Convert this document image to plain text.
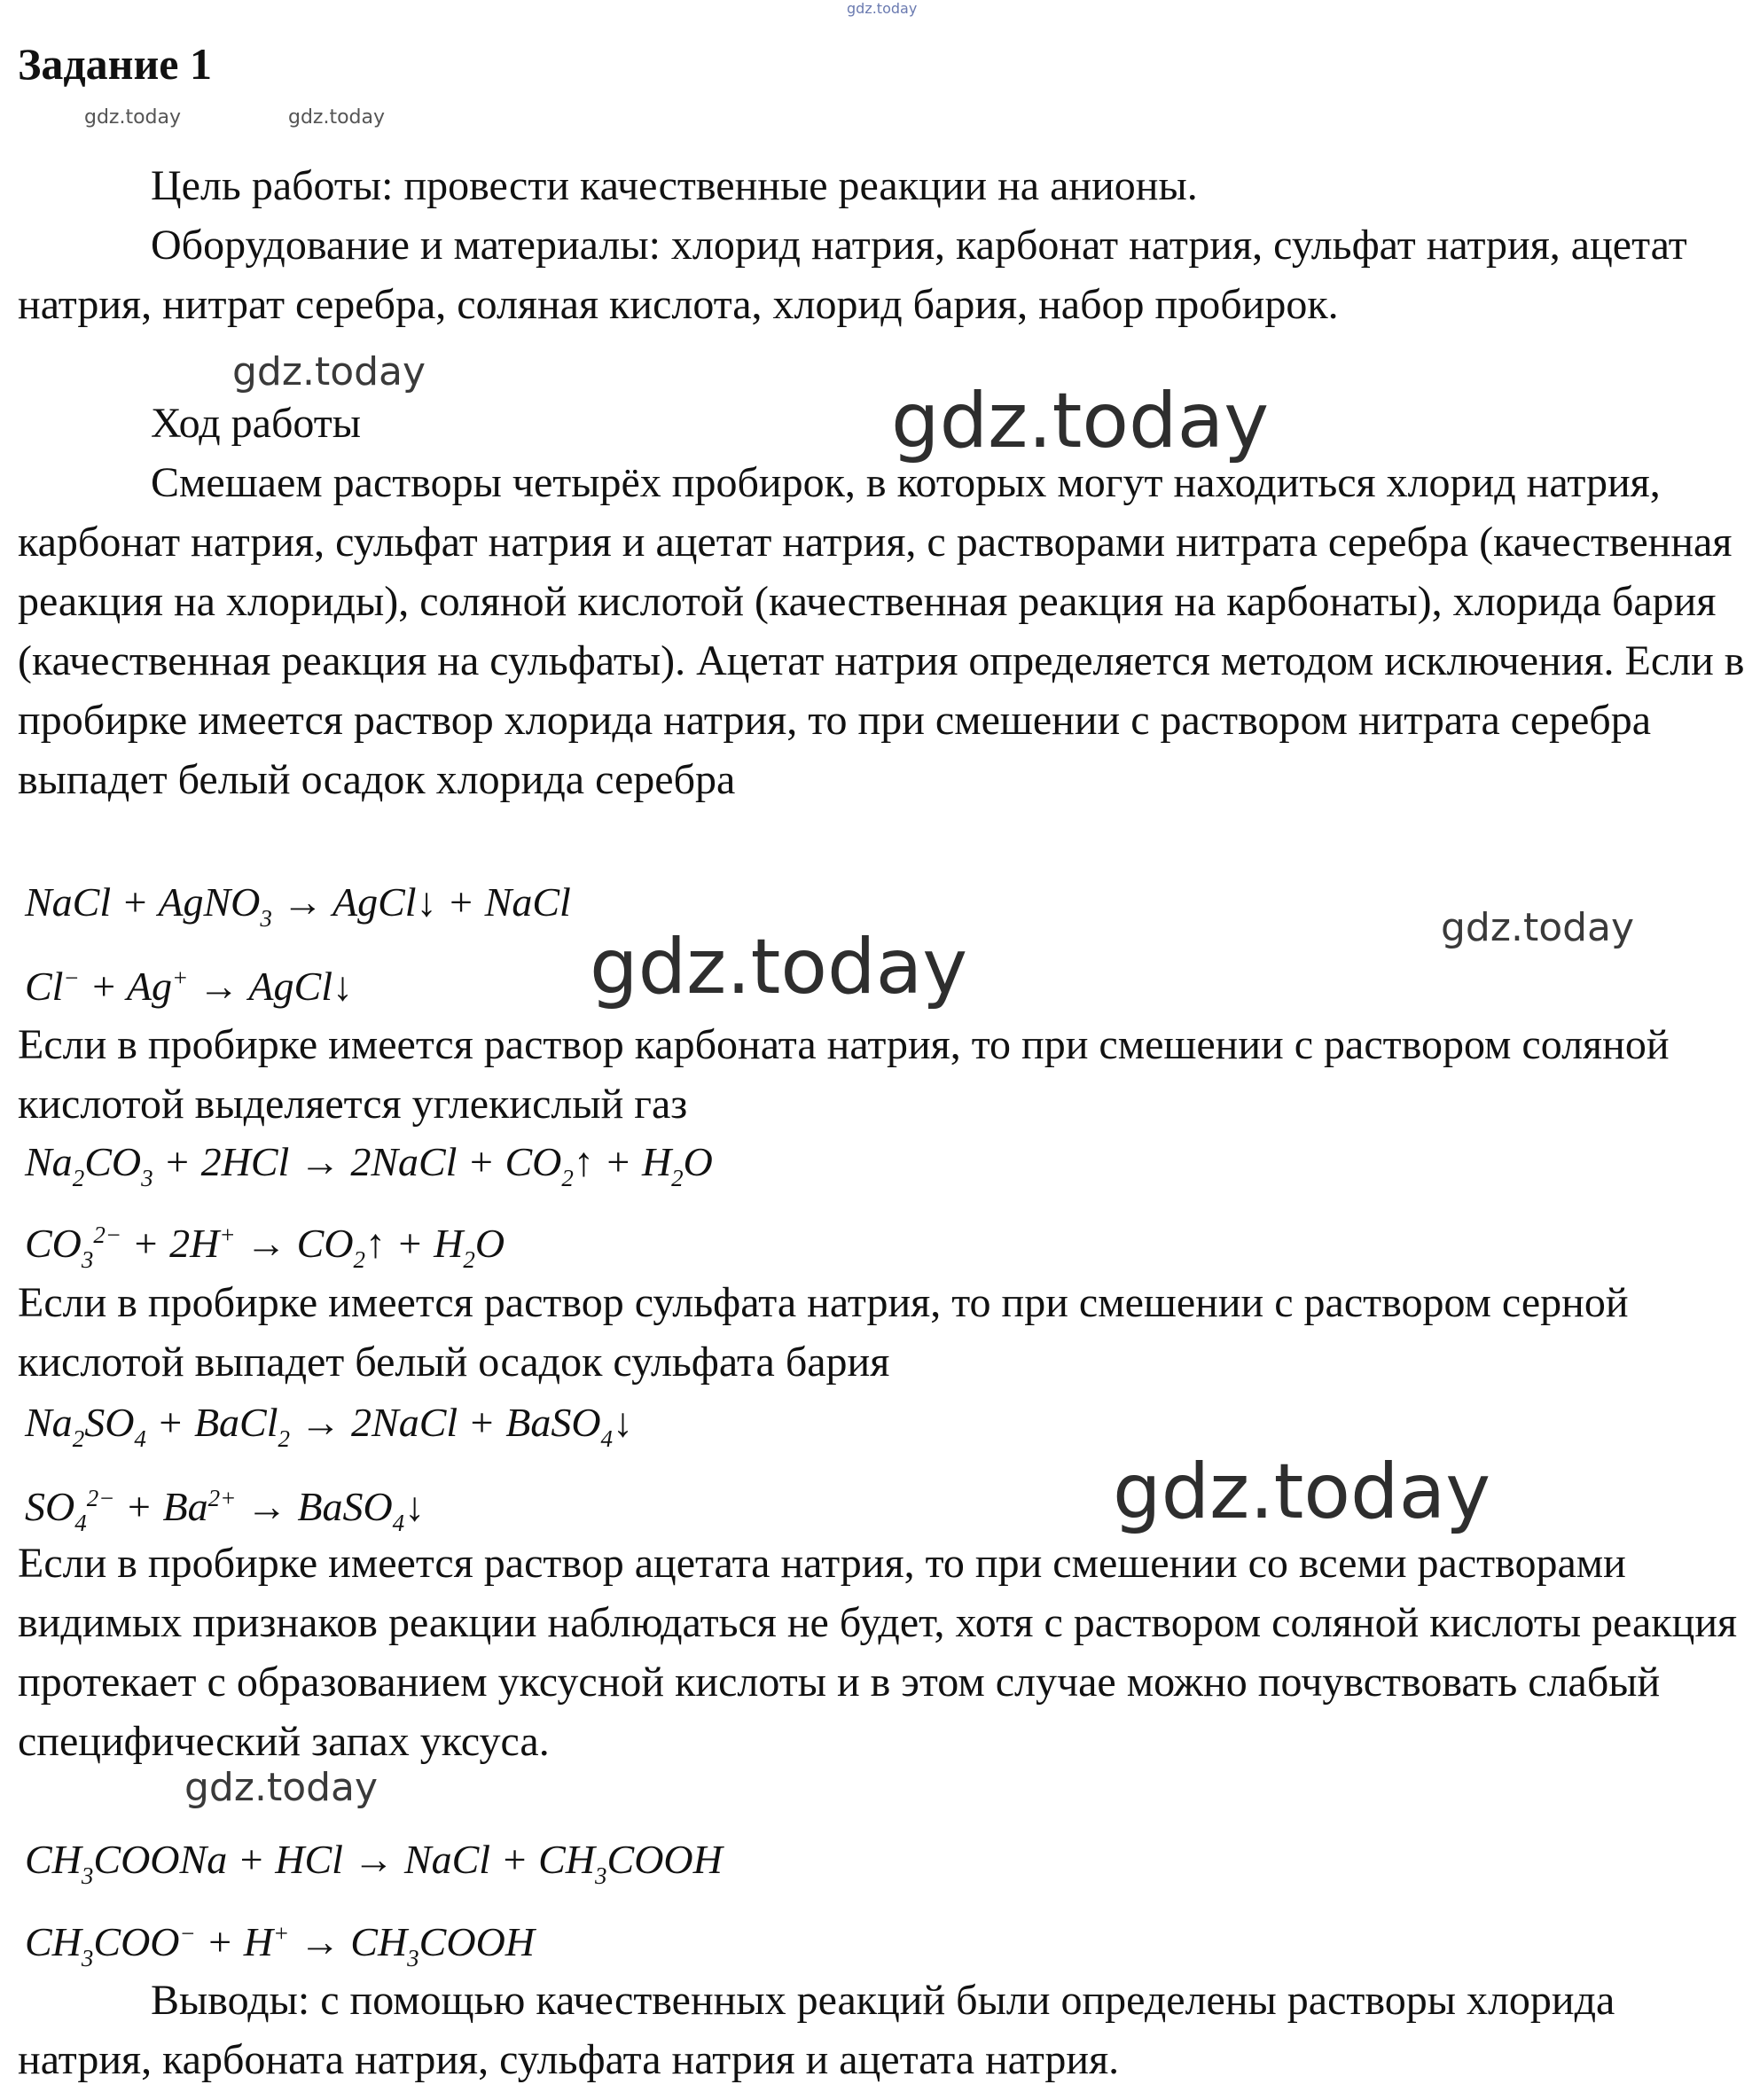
gdz.today
Задание 1
gdz.today	gdz.today

Цель работы: провести качественные реакции на анионы.

Оборудование и материалы: хлорид натрия, карбонат натрия, сульфат натрия, ацетат натрия, нитрат серебра, соляная кислота, хлорид бария, набор пробирок.

Ход работы

Смешаем растворы четырёх пробирок, в которых могут находиться хлорид натрия, карбонат натрия, сульфат натрия и ацетат натрия, с растворами нитрата серебра (качественная реакция на хлориды), соляной кислотой (качественная реакция на карбонаты), хлорида бария (качественная реакция на сульфаты). Ацетат натрия определяется методом исключения. Если в пробирке имеется раствор хлорида натрия, то при смешении с раствором нитрата серебра выпадет белый осадок хлорида серебра

NaCl + AgNO$_3$ → AgCl↓ + NaCl
Cl− + Ag+ → AgCl↓

Если в пробирке имеется раствор карбоната натрия, то при смешении с раствором соляной кислотой выделяется углекислый газ

$Na_2CO_3 + 2HCl$ → 2NaCl + $CO_2↑ + H_2O$
$CO_3^{2-} + 2H^+$ → $CO_2↑ + H_2O$

Если в пробирке имеется раствор сульфата натрия, то при смешении с раствором серной кислотой выпадет белый осадок сульфата бария

$Na_2SO_4$ + BaCl$_2$ → 2NaCl + BaSO$_4$↓
$SO_4^{2-} + Ba^{2+}$ → BaSO$_4$↓

Если в пробирке имеется раствор ацетата натрия, то при смешении со всеми растворами видимых признаков реакции наблюдаться не будет, хотя с раствором соляной кислоты реакция протекает с образованием уксусной кислоты и в этом случае можно почувствовать слабый специфический запах уксуса.

$CH_3COONa$ + HCl → NaCl + $CH_3COOH$
$CH_3COO^- + H^+$ → $CH_3COOH$

Выводы: с помощью качественных реакций были определены растворы хлорида натрия, карбоната натрия, сульфата натрия и ацетата натрия.

gdz.today
gdz.today
gdz.today
gdz.today
gdz.today
gdz.today
